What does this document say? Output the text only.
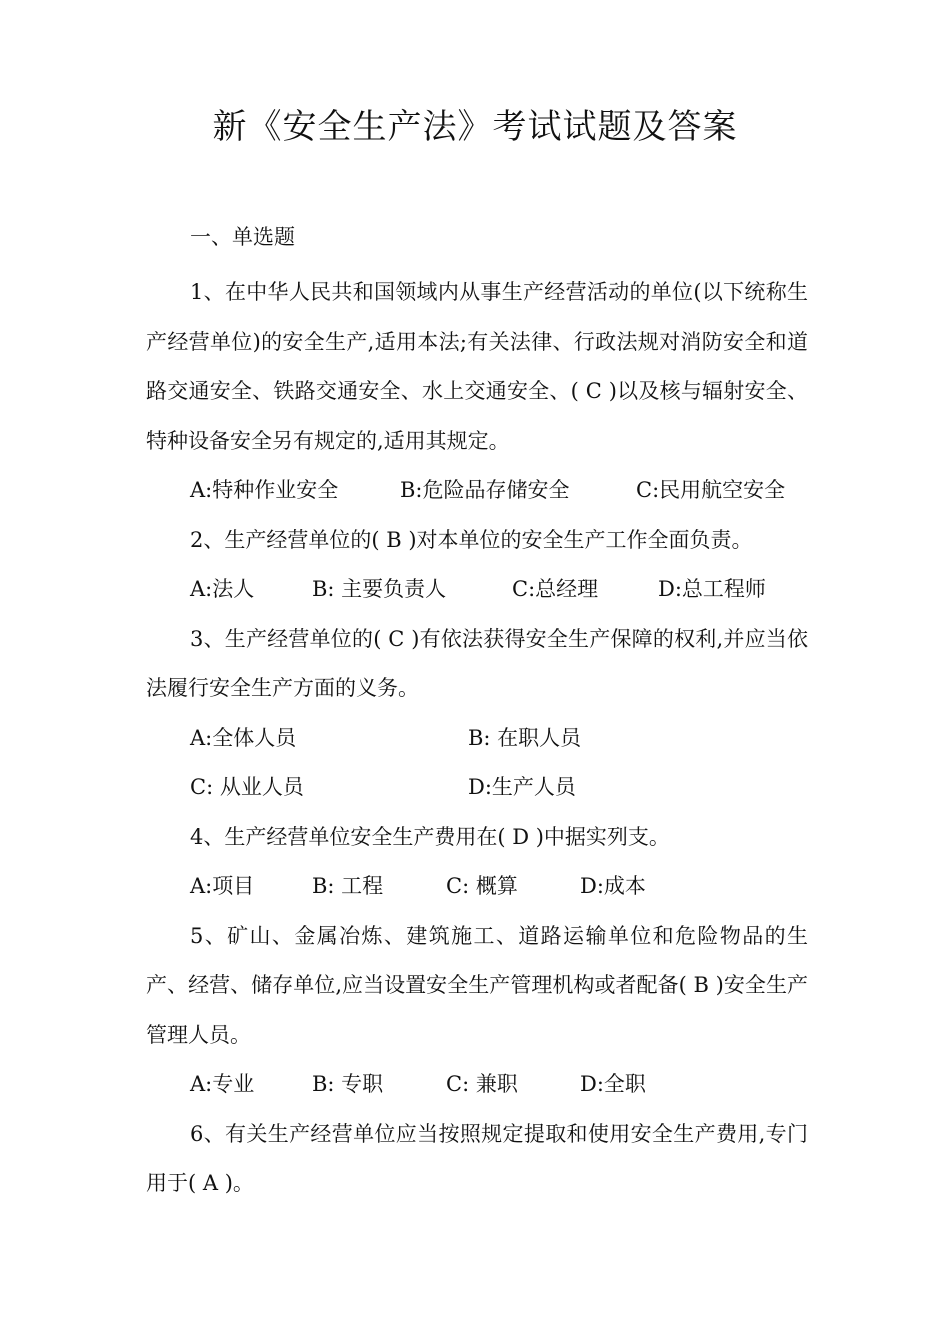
新《安全生产法》考试试题及答案
一、单选题

1、在中华人民共和国领域内从事生产经营活动的单位(以下统称生产经营单位)的安全生产,适用本法;有关法律、行政法规对消防安全和道路交通安全、铁路交通安全、水上交通安全、( C )以及核与辐射安全、特种设备安全另有规定的,适用其规定。

A:特种作业安全	B:危险品存储安全	C:民用航空安全

2、生产经营单位的( B )对本单位的安全生产工作全面负责。

A:法人	B: 主要负责人	C:总经理	D:总工程师

3、生产经营单位的( C )有依法获得安全生产保障的权利,并应当依法履行安全生产方面的义务。

A:全体人员	B: 在职人员
C: 从业人员	D:生产人员

4、生产经营单位安全生产费用在( D )中据实列支。

A:项目	B: 工程	C: 概算	D:成本

5、矿山、金属冶炼、建筑施工、道路运输单位和危险物品的生产、经营、储存单位,应当设置安全生产管理机构或者配备( B )安全生产管理人员。

A:专业	B: 专职	C: 兼职	D:全职

6、有关生产经营单位应当按照规定提取和使用安全生产费用,专门用于( A )。
